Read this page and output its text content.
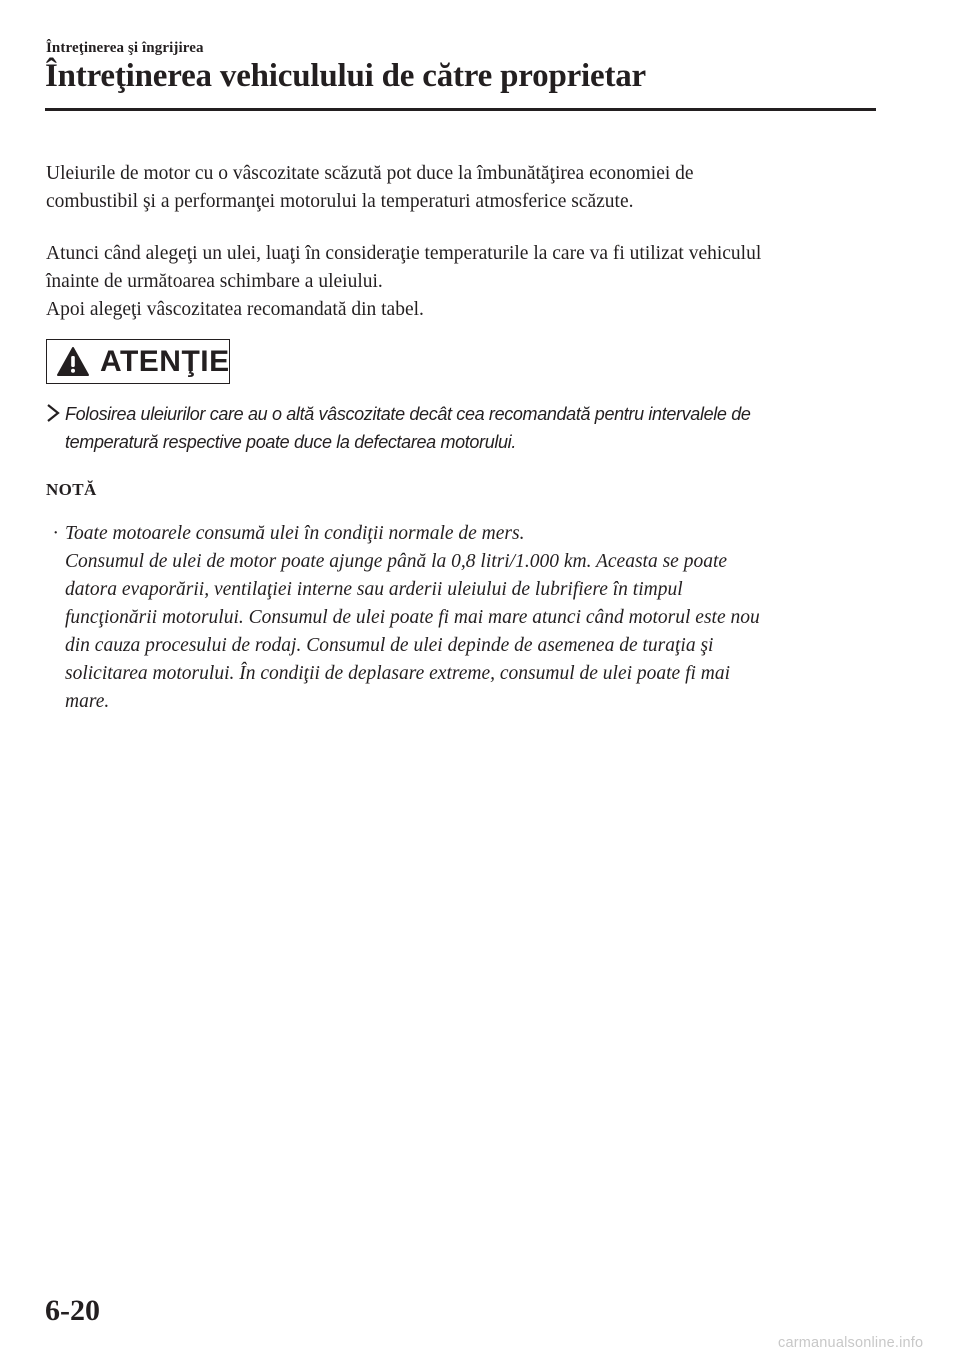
Întreţinerea şi îngrijirea
Întreţinerea vehiculului de către proprietar

Uleiurile de motor cu o vâscozitate scăzută pot duce la îmbunătăţirea economiei de
combustibil şi a performanţei motorului la temperaturi atmosferice scăzute.

Atunci când alegeţi un ulei, luaţi în consideraţie temperaturile la care va fi utilizat vehiculul
înainte de următoarea schimbare a uleiului.
Apoi alegeţi vâscozitatea recomandată din tabel.

ATENŢIE
Folosirea uleiurilor care au o altă vâscozitate decât cea recomandată pentru intervalele de
temperatură respective poate duce la defectarea motorului.
NOTĂ
· Toate motoarele consumă ulei în condiţii normale de mers.
Consumul de ulei de motor poate ajunge până la 0,8 litri/1.000 km. Aceasta se poate
datora evaporării, ventilaţiei interne sau arderii uleiului de lubrifiere în timpul
funcţionării motorului. Consumul de ulei poate fi mai mare atunci când motorul este nou
din cauza procesului de rodaj. Consumul de ulei depinde de asemenea de turaţia şi
solicitarea motorului. În condiţii de deplasare extreme, consumul de ulei poate fi mai
mare.
6-20
carmanualsonline.info
